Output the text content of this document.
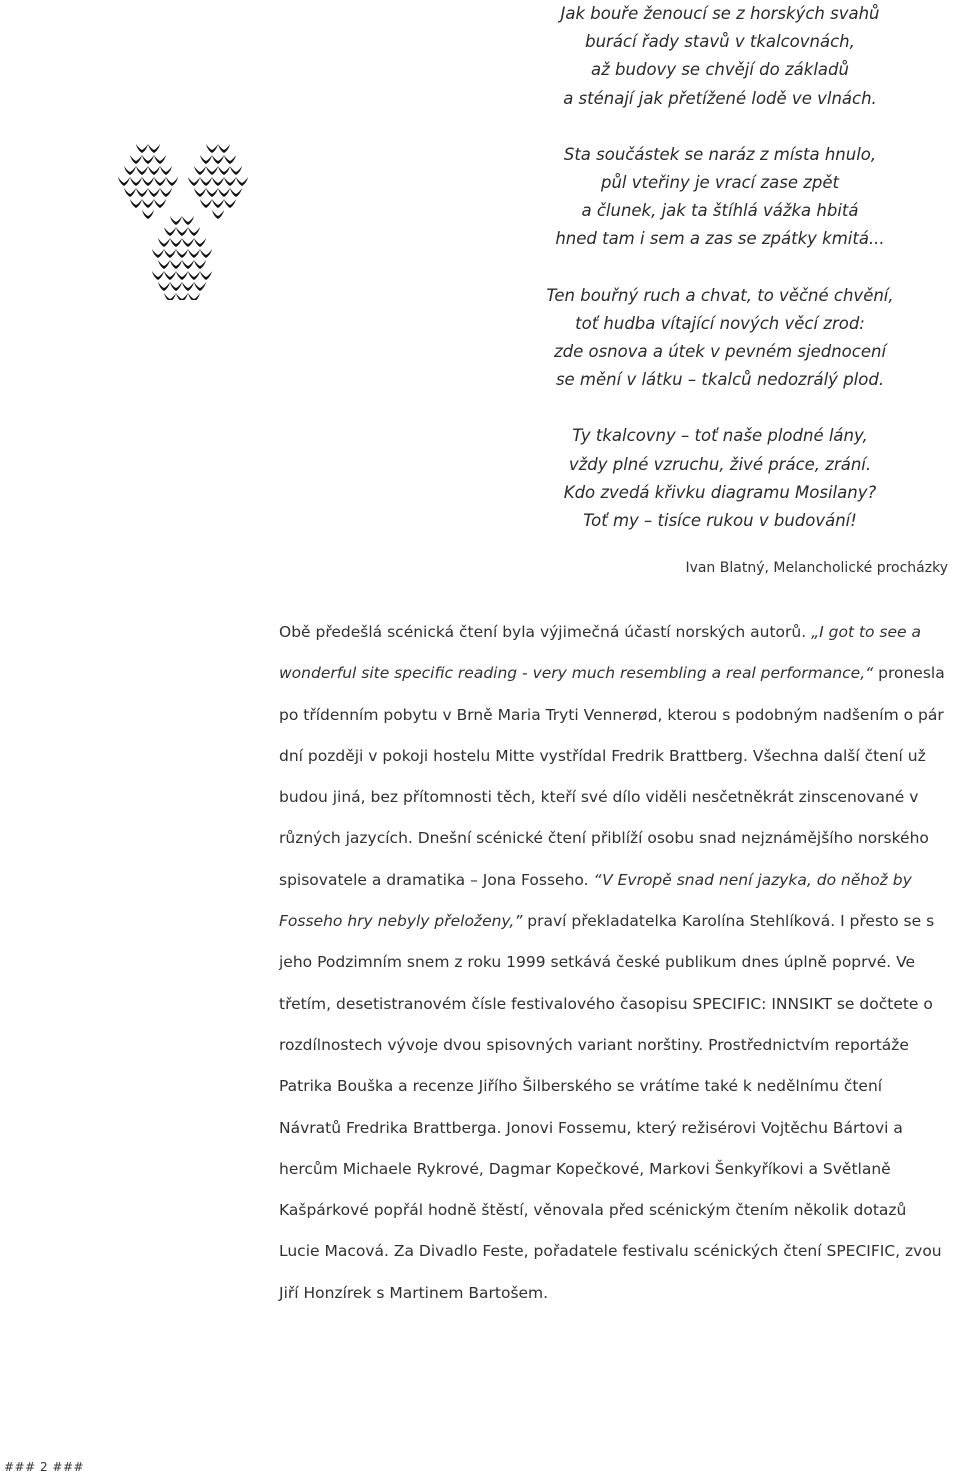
Jak bouře ženoucí se z horských svahů
burácí řady stavů v tkalcovnách,
až budovy se chvějí do základů
a sténají jak přetížené lodě ve vlnách.
Sta součástek se naráz z místa hnulo,
půl vteřiny je vrací zase zpět
a člunek, jak ta štíhlá vážka hbitá
hned tam i sem a zas se zpátky kmitá...
Ten bouřný ruch a chvat, to věčné chvění,
toť hudba vítající nových věcí zrod:
zde osnova a útek v pevném sjednocení
se mění v látku – tkalců nedozrálý plod.
Ty tkalcovny – toť naše plodné lány,
vždy plné vzruchu, živé práce, zrání.
Kdo zvedá křivku diagramu Mosilany?
Toť my – tisíce rukou v budování!
Ivan Blatný, Melancholické procházky

Obě předešlá scénická čtení byla výjimečná účastí norských autorů. „I got to see a wonderful site specific reading - very much resembling a real performance,“ pronesla po třídenním pobytu v Brně Maria Tryti Vennerød, kterou s podobným nadšením o pár dní později v pokoji hostelu Mitte vystřídal Fredrik Brattberg. Všechna další čtení už budou jiná, bez přítomnosti těch, kteří své dílo viděli nesčetněkrát zinscenované v různých jazycích. Dnešní scénické čtení přiblíží osobu snad nejznámějšího norského spisovatele a dramatika – Jona Fosseho. “V Evropě snad není jazyka, do něhož by Fosseho hry nebyly přeloženy,” praví překladatelka Karolína Stehlíková. I přesto se s jeho Podzimním snem z roku 1999 setkává české publikum dnes úplně poprvé. Ve třetím, desetistranovém čísle festivalového časopisu SPECIFIC: INNSIKT se dočtete o rozdílnostech vývoje dvou spisovných variant norštiny. Prostřednictvím reportáže Patrika Bouška a recenze Jiřího Šilberského se vrátíme také k nedělnímu čtení Návratů Fredrika Brattberga. Jonovi Fossemu, který režisérovi Vojtěchu Bártovi a hercům Michaele Rykrové, Dagmar Kopečkové, Markovi Šenkyříkovi a Světlaně Kašpárkové popřál hodně štěstí, věnovala před scénickým čtením několik dotazů Lucie Macová. Za Divadlo Feste, pořadatele festivalu scénických čtení SPECIFIC, zvou Jiří Honzírek s Martinem Bartošem.

### 2 ###
